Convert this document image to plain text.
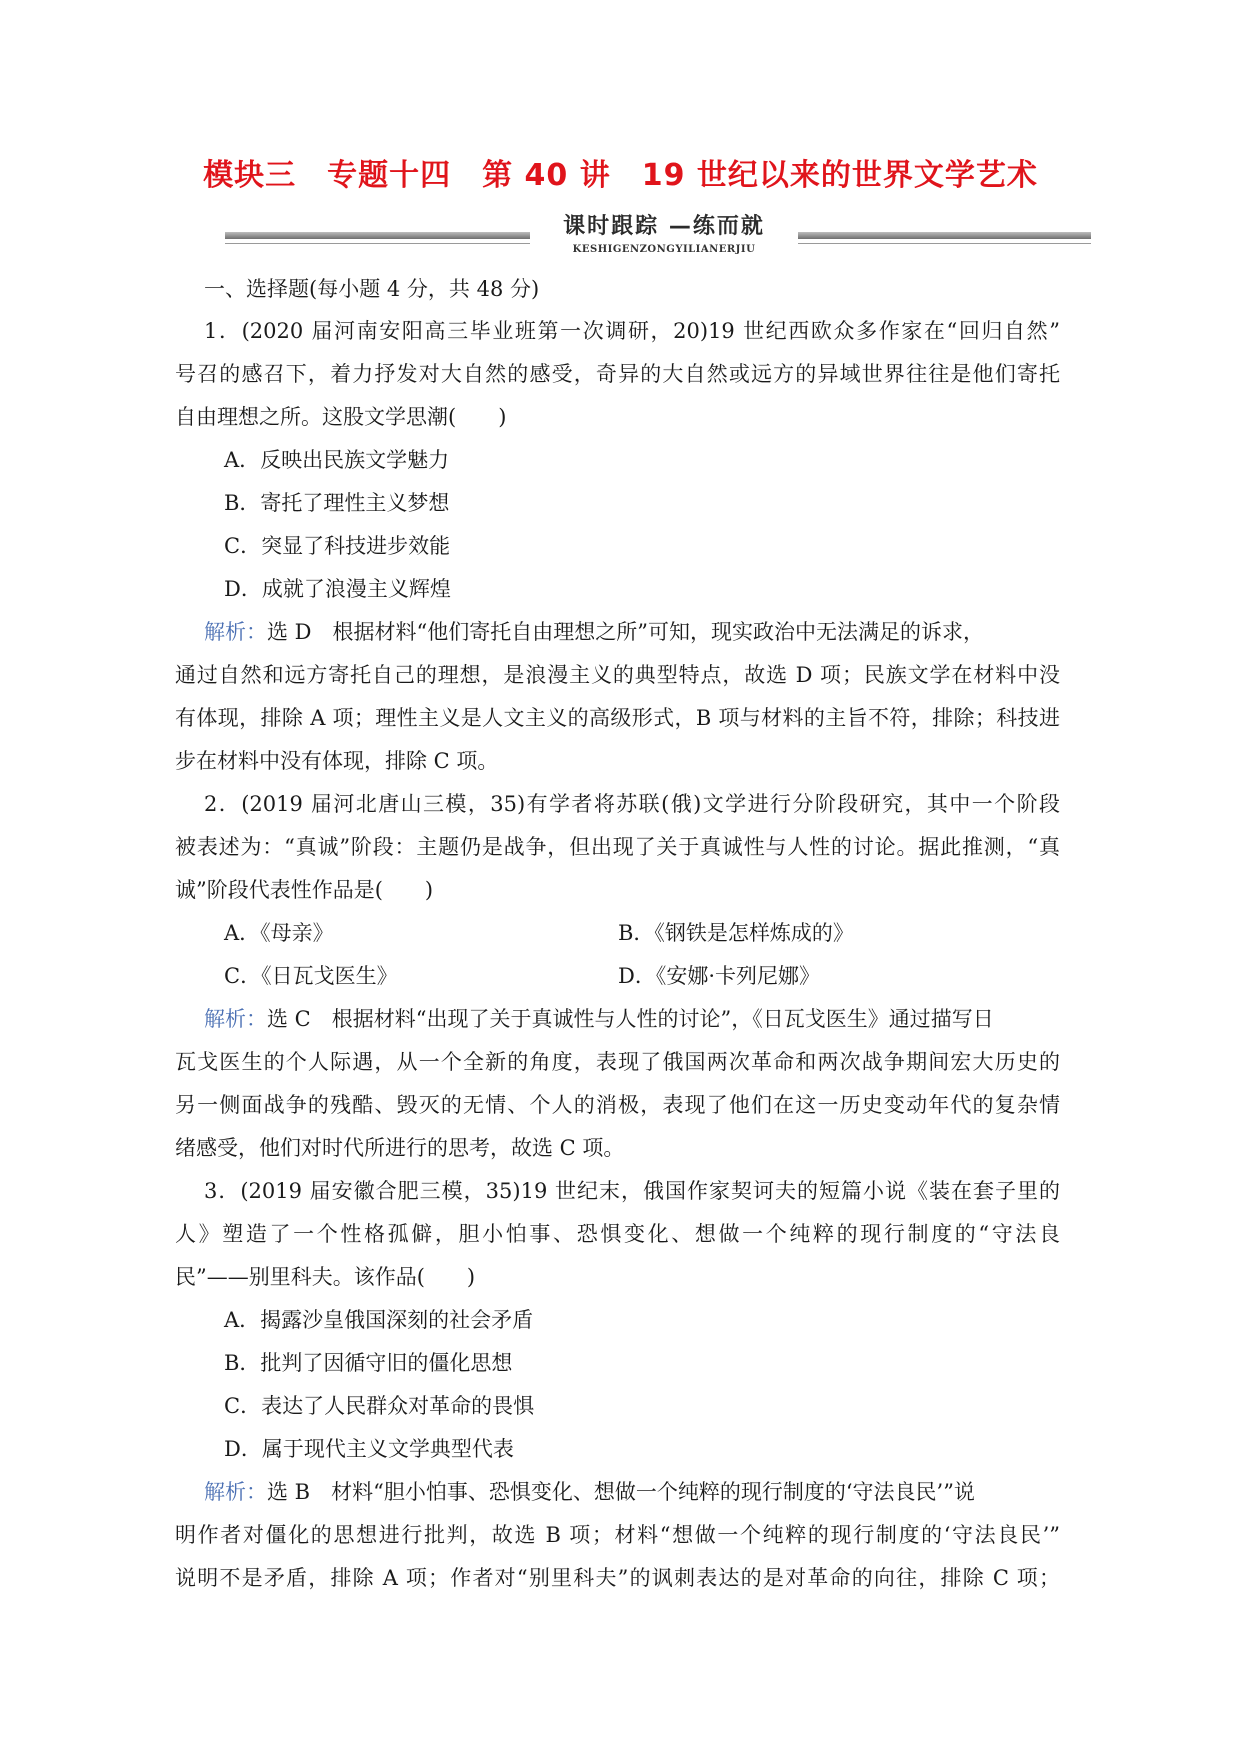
模块三　专题十四　第 40 讲　19 世纪以来的世界文学艺术
课时跟踪 —练而就
KESHIGENZONGYILIANERJIU
一、选择题(每小题 4 分，共 48 分)
1．(2020 届河南安阳高三毕业班第一次调研，20)19 世纪西欧众多作家在“回归自然”
号召的感召下，着力抒发对大自然的感受，奇异的大自然或远方的异域世界往往是他们寄托
自由理想之所。这股文学思潮(　　)
A．反映出民族文学魅力
B．寄托了理性主义梦想
C．突显了科技进步效能
D．成就了浪漫主义辉煌
解析：选 D　根据材料“他们寄托自由理想之所”可知，现实政治中无法满足的诉求，
通过自然和远方寄托自己的理想，是浪漫主义的典型特点，故选 D 项；民族文学在材料中没
有体现，排除 A 项；理性主义是人文主义的高级形式，B 项与材料的主旨不符，排除；科技进
步在材料中没有体现，排除 C 项。
2．(2019 届河北唐山三模，35)有学者将苏联(俄)文学进行分阶段研究，其中一个阶段
被表述为：“真诚”阶段：主题仍是战争，但出现了关于真诚性与人性的讨论。据此推测，“真
诚”阶段代表性作品是(　　)
A．《母亲》	B．《钢铁是怎样炼成的》
C．《日瓦戈医生》	D．《安娜·卡列尼娜》
解析：选 C　根据材料“出现了关于真诚性与人性的讨论”，《日瓦戈医生》通过描写日
瓦戈医生的个人际遇，从一个全新的角度，表现了俄国两次革命和两次战争期间宏大历史的
另一侧面战争的残酷、毁灭的无情、个人的消极，表现了他们在这一历史变动年代的复杂情
绪感受，他们对时代所进行的思考，故选 C 项。
3．(2019 届安徽合肥三模，35)19 世纪末，俄国作家契诃夫的短篇小说《装在套子里的
人》塑造了一个性格孤僻，胆小怕事、恐惧变化、想做一个纯粹的现行制度的“守法良
民”——别里科夫。该作品(　　)
A．揭露沙皇俄国深刻的社会矛盾
B．批判了因循守旧的僵化思想
C．表达了人民群众对革命的畏惧
D．属于现代主义文学典型代表
解析：选 B　材料“胆小怕事、恐惧变化、想做一个纯粹的现行制度的‘守法良民’”说
明作者对僵化的思想进行批判，故选 B 项；材料“想做一个纯粹的现行制度的‘守法良民’”
说明不是矛盾，排除 A 项；作者对“别里科夫”的讽刺表达的是对革命的向往，排除 C 项；
